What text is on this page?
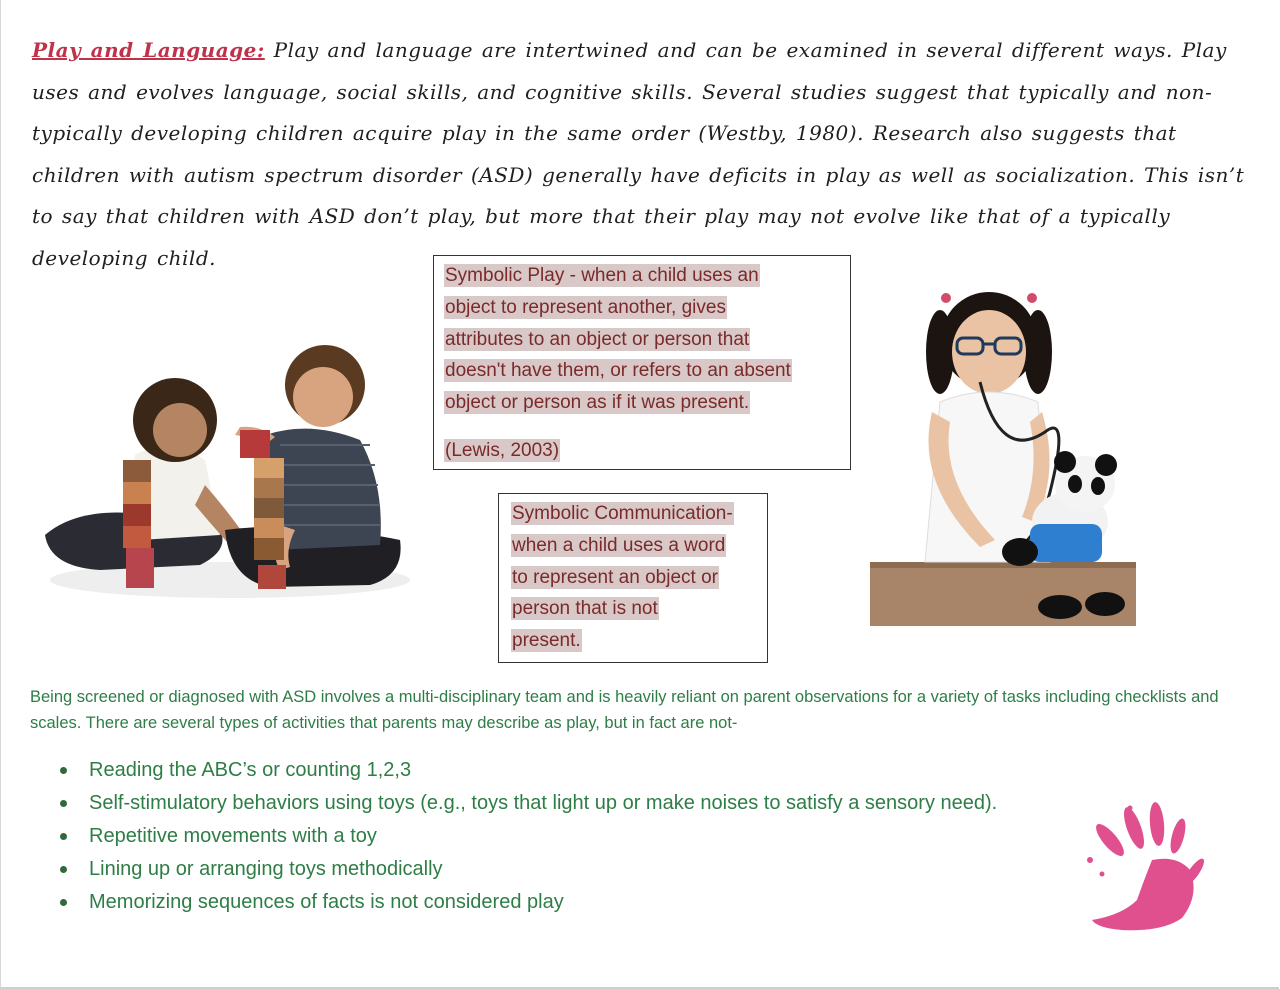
Play and Language: Play and language are intertwined and can be examined in several different ways. Play uses and evolves language, social skills, and cognitive skills. Several studies suggest that typically and non-typically developing children acquire play in the same order (Westby, 1980). Research also suggests that children with autism spectrum disorder (ASD) generally have deficits in play as well as socialization. This isn’t to say that children with ASD don’t play, but more that their play may not evolve like that of a typically developing child.
Symbolic Play - when a child uses an
object to represent another, gives
attributes to an object or person that
doesn't have them, or refers to an absent
object or person as if it was present.
(Lewis, 2003)
Symbolic Communication-
when a child uses a word
to represent an object or
person that is not
present.
Being screened or diagnosed with ASD involves a multi-disciplinary team and is heavily reliant on parent observations for a variety of tasks including checklists and scales. There are several types of activities that parents may describe as play, but in fact are not-
Reading the ABC’s or counting 1,2,3
Self-stimulatory behaviors using toys (e.g., toys that light up or make noises to satisfy a sensory need).
Repetitive movements with a toy
Lining up or arranging toys methodically
Memorizing sequences of facts is not considered play
